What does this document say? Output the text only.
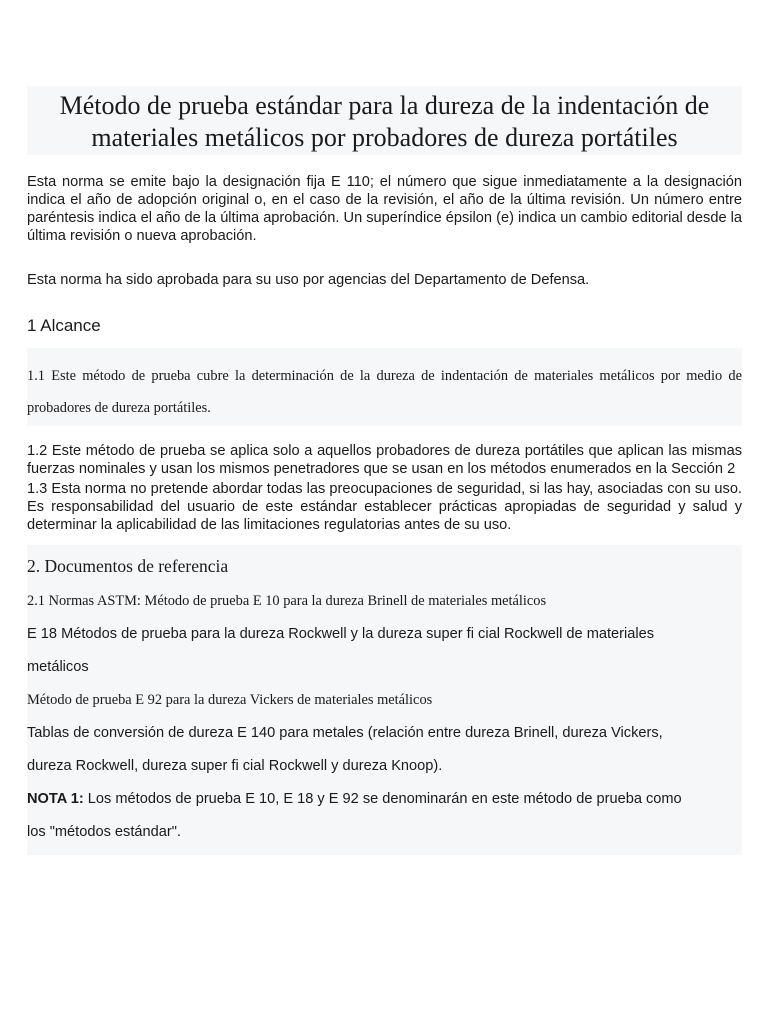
Método de prueba estándar para la dureza de la indentación de
materiales metálicos por probadores de dureza portátiles

Esta norma se emite bajo la designación fija E 110; el número que sigue inmediatamente a la designación indica el año de adopción original o, en el caso de la revisión, el año de la última revisión. Un número entre paréntesis indica el año de la última aprobación. Un superíndice épsilon (e) indica un cambio editorial desde la última revisión o nueva aprobación.

Esta norma ha sido aprobada para su uso por agencias del Departamento de Defensa.

1 Alcance

1.1 Este método de prueba cubre la determinación de la dureza de indentación de materiales metálicos por medio de probadores de dureza portátiles.

1.2 Este método de prueba se aplica solo a aquellos probadores de dureza portátiles que aplican las mismas fuerzas nominales y usan los mismos penetradores que se usan en los métodos enumerados en la Sección 2

1.3 Esta norma no pretende abordar todas las preocupaciones de seguridad, si las hay, asociadas con su uso. Es responsabilidad del usuario de este estándar establecer prácticas apropiadas de seguridad y salud y determinar la aplicabilidad de las limitaciones regulatorias antes de su uso.

2. Documentos de referencia

2.1 Normas ASTM: Método de prueba E 10 para la dureza Brinell de materiales metálicos

E 18 Métodos de prueba para la dureza Rockwell y la dureza super fi cial Rockwell de materiales

metálicos

Método de prueba E 92 para la dureza Vickers de materiales metálicos

Tablas de conversión de dureza E 140 para metales (relación entre dureza Brinell, dureza Vickers,

dureza Rockwell, dureza super fi cial Rockwell y dureza Knoop).

NOTA 1: Los métodos de prueba E 10, E 18 y E 92 se denominarán en este método de prueba como

los "métodos estándar".
